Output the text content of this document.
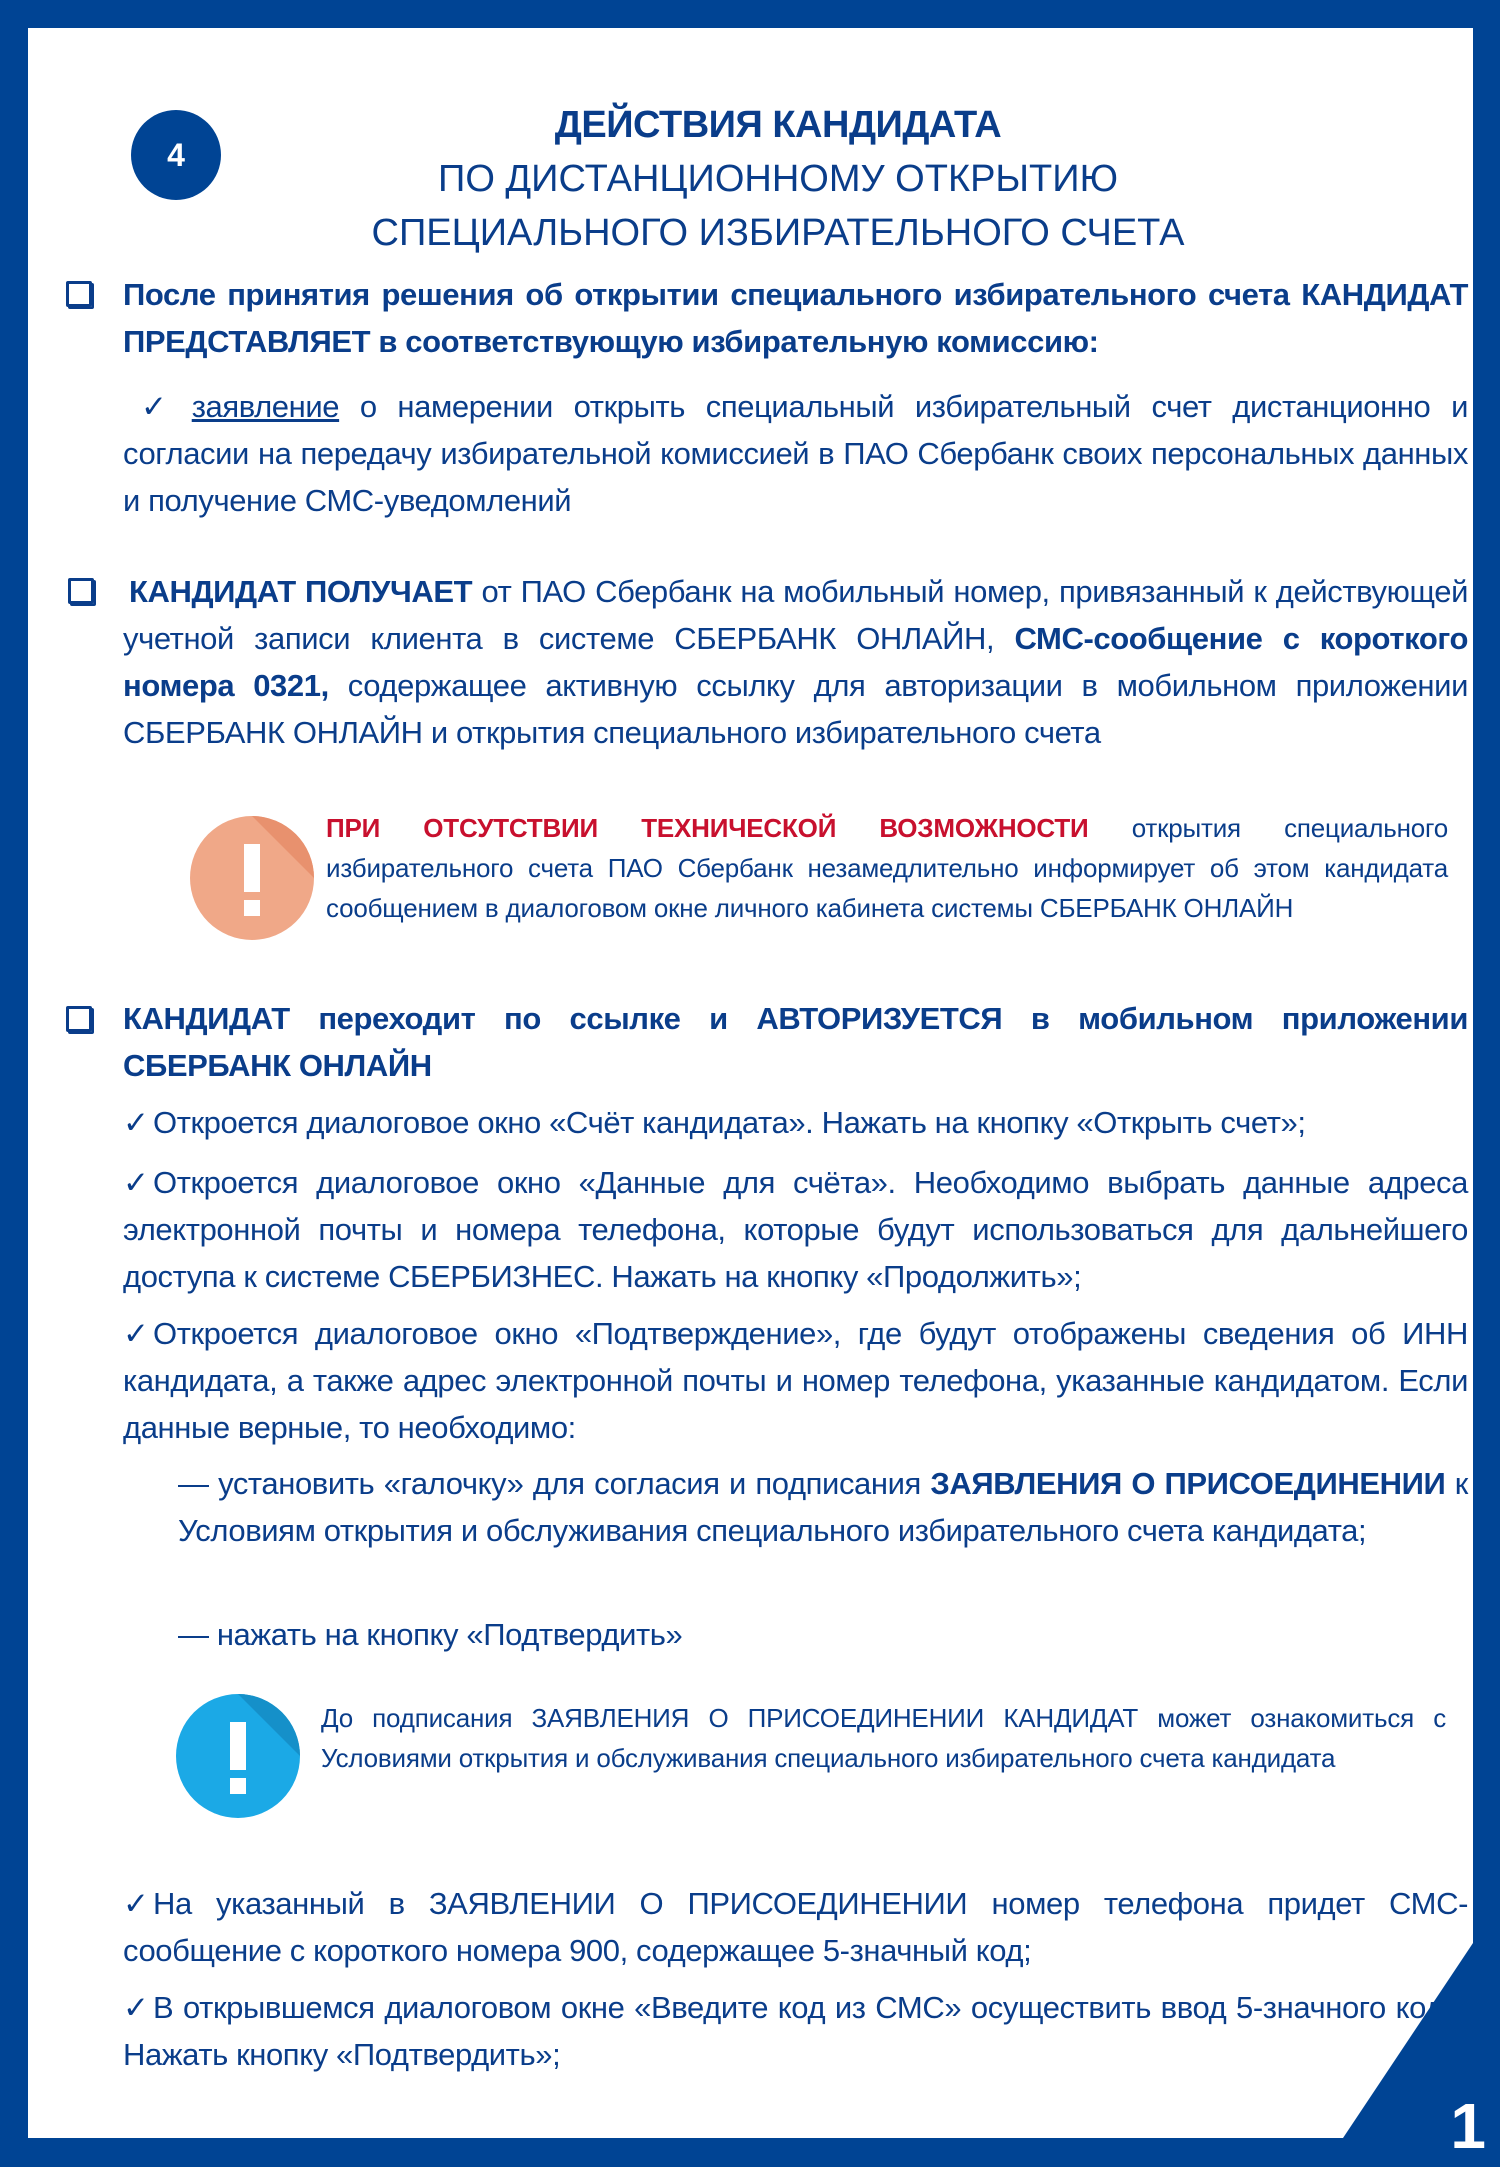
4
ДЕЙСТВИЯ КАНДИДАТА
ПО ДИСТАНЦИОННОМУ ОТКРЫТИЮ
СПЕЦИАЛЬНОГО ИЗБИРАТЕЛЬНОГО СЧЕТА
После принятия решения об открытии специального избирательного счета КАНДИДАТ ПРЕДСТАВЛЯЕТ в соответствующую избирательную комиссию:
✓ заявление о намерении открыть специальный избирательный счет дистанционно и согласии на передачу избирательной комиссией в ПАО Сбербанк своих персональных данных и получение СМС-уведомлений
КАНДИДАТ ПОЛУЧАЕТ от ПАО Сбербанк на мобильный номер, привязанный к действующей учетной записи клиента в системе СБЕРБАНК ОНЛАЙН, СМС-сообщение с короткого номера 0321, содержащее активную ссылку для авторизации в мобильном приложении СБЕРБАНК ОНЛАЙН и открытия специального избирательного счета
ПРИ ОТСУТСТВИИ ТЕХНИЧЕСКОЙ ВОЗМОЖНОСТИ открытия специального избирательного счета ПАО Сбербанк незамедлительно информирует об этом кандидата сообщением в диалоговом окне личного кабинета системы СБЕРБАНК ОНЛАЙН
КАНДИДАТ переходит по ссылке и АВТОРИЗУЕТСЯ в мобильном приложении СБЕРБАНК ОНЛАЙН
✓ Откроется диалоговое окно «Счёт кандидата». Нажать на кнопку «Открыть счет»;
✓ Откроется диалоговое окно «Данные для счёта». Необходимо выбрать данные адреса электронной почты и номера телефона, которые будут использоваться для дальнейшего доступа к системе СБЕРБИЗНЕС. Нажать на кнопку «Продолжить»;
✓ Откроется диалоговое окно «Подтверждение», где будут отображены сведения об ИНН кандидата, а также адрес электронной почты и номер телефона, указанные кандидатом. Если данные верные, то необходимо:
— установить «галочку» для согласия и подписания ЗАЯВЛЕНИЯ О ПРИСОЕДИНЕНИИ к Условиям открытия и обслуживания специального избирательного счета кандидата;
— нажать на кнопку «Подтвердить»
До подписания ЗАЯВЛЕНИЯ О ПРИСОЕДИНЕНИИ КАНДИДАТ может ознакомиться с Условиями открытия и обслуживания специального избирательного счета кандидата
✓ На указанный в ЗАЯВЛЕНИИ О ПРИСОЕДИНЕНИИ номер телефона придет СМС-сообщение с короткого номера 900, содержащее 5-значный код;
✓ В открывшемся диалоговом окне «Введите код из СМС» осуществить ввод 5-значного кода. Нажать кнопку «Подтвердить»;
1
